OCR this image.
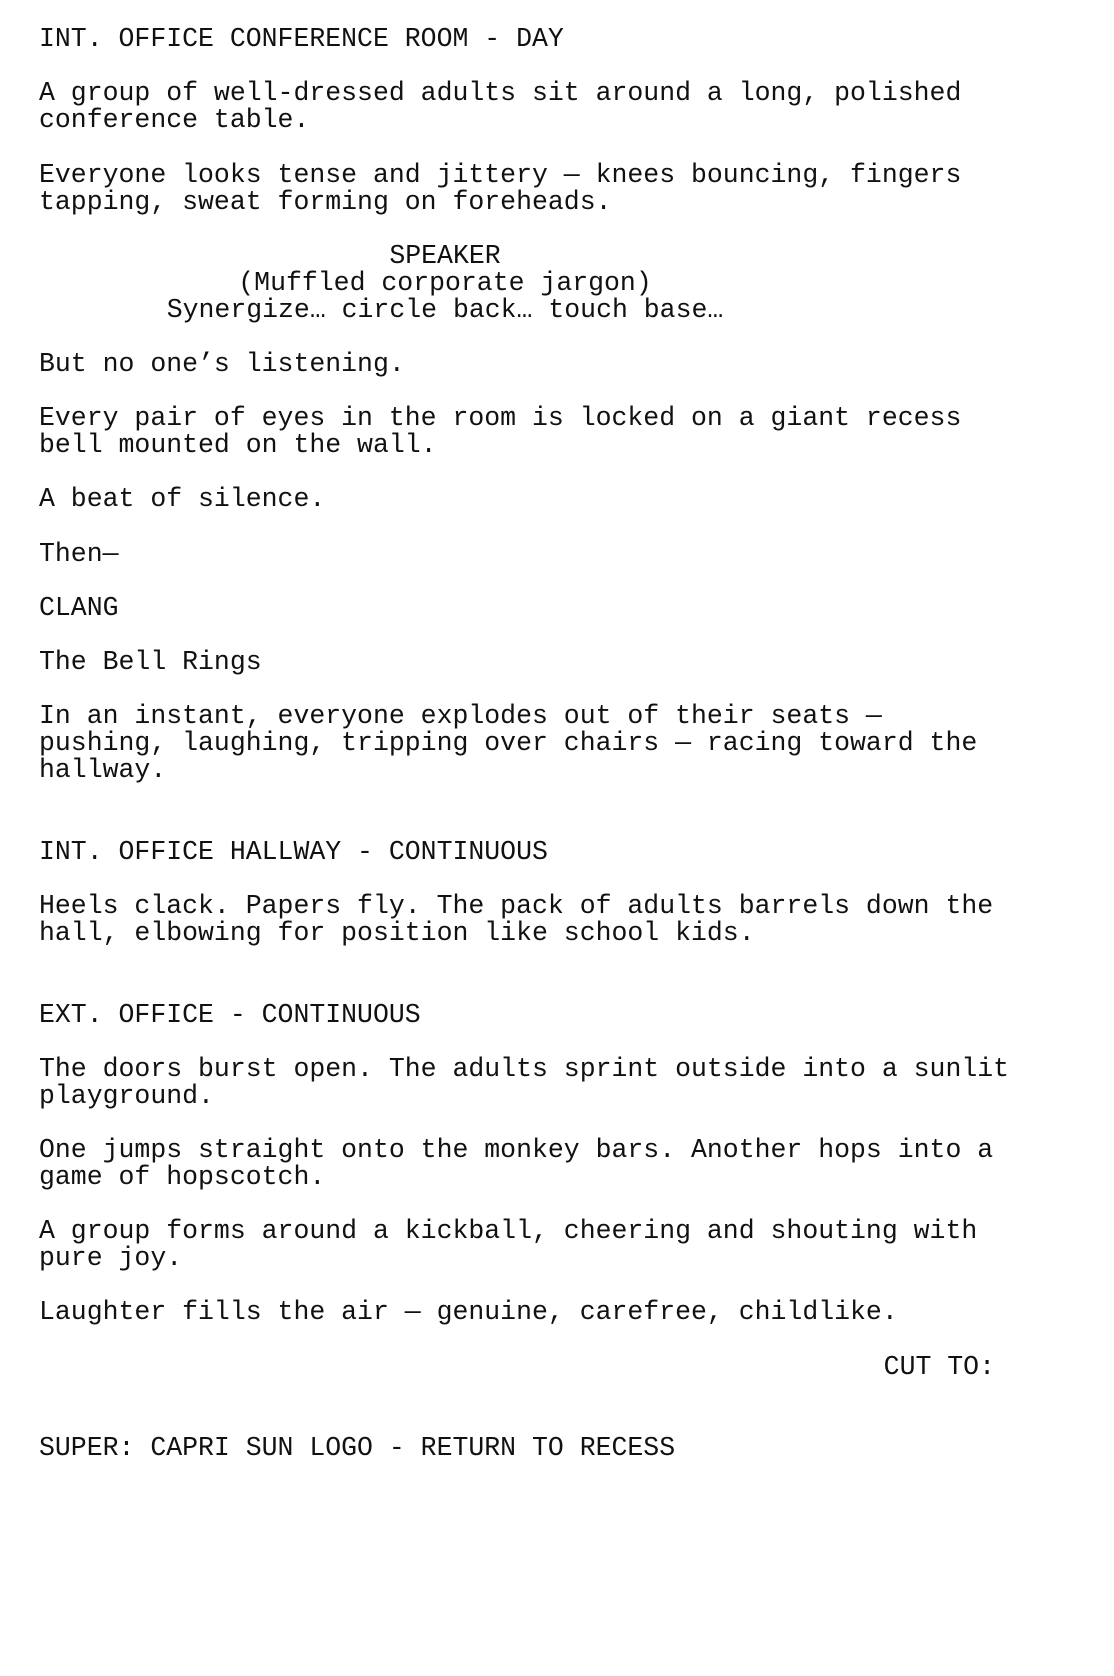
INT. OFFICE CONFERENCE ROOM - DAY

A group of well-dressed adults sit around a long, polished

conference table.

Everyone looks tense and jittery — knees bouncing, fingers

tapping, sweat forming on foreheads.

SPEAKER

(Muffled corporate jargon)

Synergize… circle back… touch base…

But no one’s listening.

Every pair of eyes in the room is locked on a giant recess

bell mounted on the wall.

A beat of silence.

Then—

CLANG

The Bell Rings

In an instant, everyone explodes out of their seats —

pushing, laughing, tripping over chairs — racing toward the

hallway.

INT. OFFICE HALLWAY - CONTINUOUS

Heels clack. Papers fly. The pack of adults barrels down the

hall, elbowing for position like school kids.

EXT. OFFICE - CONTINUOUS

The doors burst open. The adults sprint outside into a sunlit

playground.

One jumps straight onto the monkey bars. Another hops into a

game of hopscotch.

A group forms around a kickball, cheering and shouting with

pure joy.

Laughter fills the air — genuine, carefree, childlike.

CUT TO:

SUPER: CAPRI SUN LOGO - RETURN TO RECESS
